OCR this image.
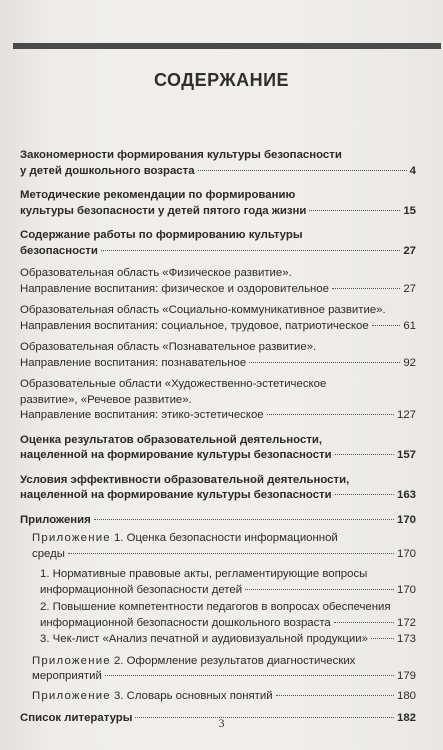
СОДЕРЖАНИЕ
Закономерности формирования культуры безопасности
у детей дошкольного возраста	4
Методические рекомендации по формированию
культуры безопасности у детей пятого года жизни	15
Содержание работы по формированию культуры
безопасности	27
Образовательная область «Физическое развитие».
Направление воспитания: физическое и оздоровительное	27
Образовательная область «Социально-коммуникативное развитие».
Направления воспитания: социальное, трудовое, патриотическое	61
Образовательная область «Познавательное развитие».
Направление воспитания: познавательное	92
Образовательные области «Художественно-эстетическое
развитие», «Речевое развитие».
Направление воспитания: этико-эстетическое	127
Оценка результатов образовательной деятельности,
нацеленной на формирование культуры безопасности	157
Условия эффективности образовательной деятельности,
нацеленной на формирование культуры безопасности	163
Приложения	170
Приложение 1. Оценка безопасности информационной
среды	170
1. Нормативные правовые акты, регламентирующие вопросы
информационной безопасности детей	170
2. Повышение компетентности педагогов в вопросах обеспечения
информационной безопасности дошкольного возраста	172
3. Чек-лист «Анализ печатной и аудиовизуальной продукции»	173
Приложение 2. Оформление результатов диагностических
мероприятий	179
Приложение 3. Словарь основных понятий	180
Список литературы	182
3
